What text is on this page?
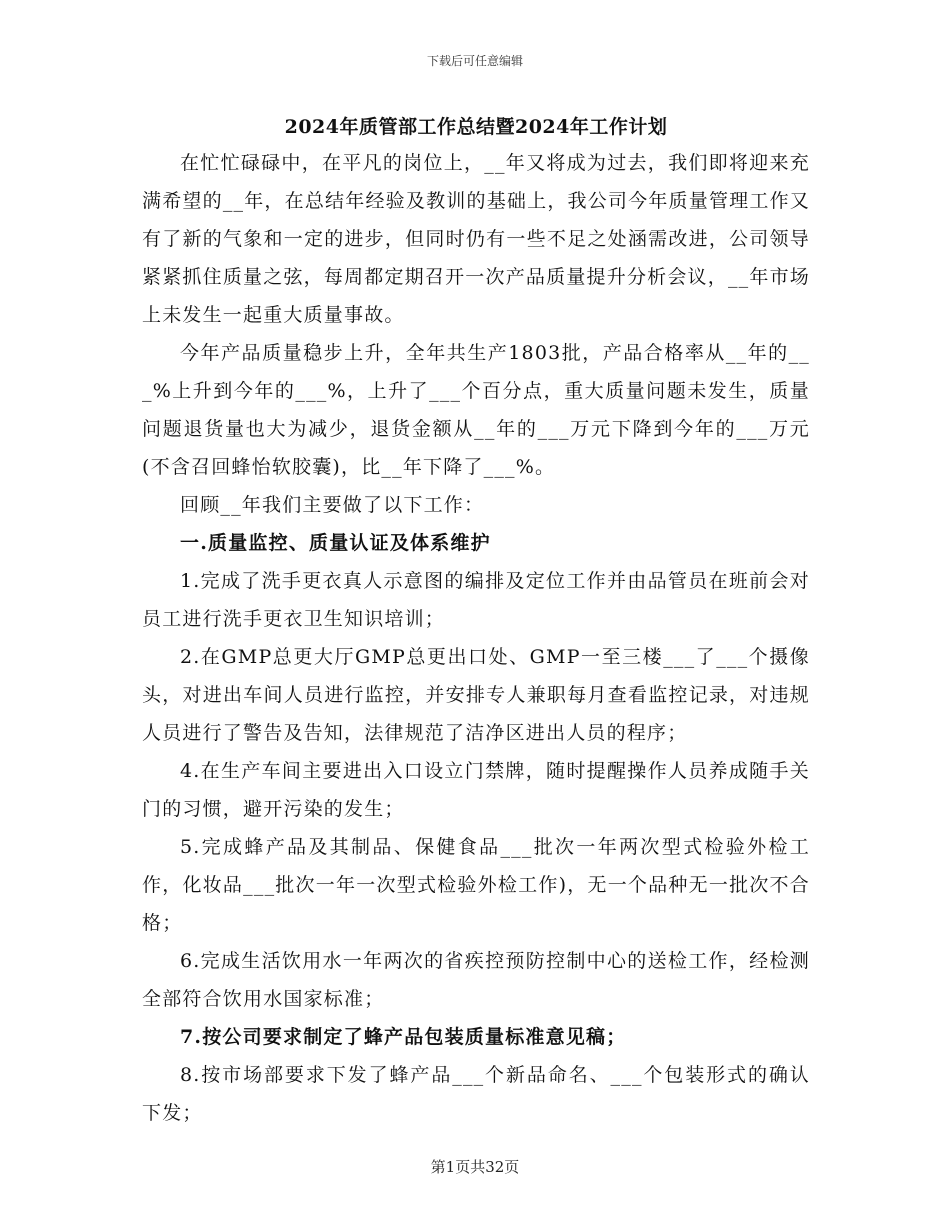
下载后可任意编辑
2024年质管部工作总结暨2024年工作计划

在忙忙碌碌中，在平凡的岗位上，__年又将成为过去，我们即将迎来充满希望的__年，在总结年经验及教训的基础上，我公司今年质量管理工作又有了新的气象和一定的进步，但同时仍有一些不足之处涵需改进，公司领导紧紧抓住质量之弦，每周都定期召开一次产品质量提升分析会议，__年市场上未发生一起重大质量事故。

今年产品质量稳步上升，全年共生产1803批，产品合格率从__年的___%上升到今年的___%，上升了___个百分点，重大质量问题未发生，质量问题退货量也大为减少，退货金额从__年的___万元下降到今年的___万元(不含召回蜂怡软胶囊)，比__年下降了___%。

回顾__年我们主要做了以下工作：

一.质量监控、质量认证及体系维护

1.完成了洗手更衣真人示意图的编排及定位工作并由品管员在班前会对员工进行洗手更衣卫生知识培训；

2.在GMP总更大厅GMP总更出口处、GMP一至三楼___了___个摄像头，对进出车间人员进行监控，并安排专人兼职每月查看监控记录，对违规人员进行了警告及告知，法律规范了洁净区进出人员的程序；

4.在生产车间主要进出入口设立门禁牌，随时提醒操作人员养成随手关门的习惯，避开污染的发生；

5.完成蜂产品及其制品、保健食品___批次一年两次型式检验外检工作，化妆品___批次一年一次型式检验外检工作)，无一个品种无一批次不合格；

6.完成生活饮用水一年两次的省疾控预防控制中心的送检工作，经检测全部符合饮用水国家标准；

7.按公司要求制定了蜂产品包装质量标准意见稿；

8.按市场部要求下发了蜂产品___个新品命名、___个包装形式的确认下发；

第1页共32页
